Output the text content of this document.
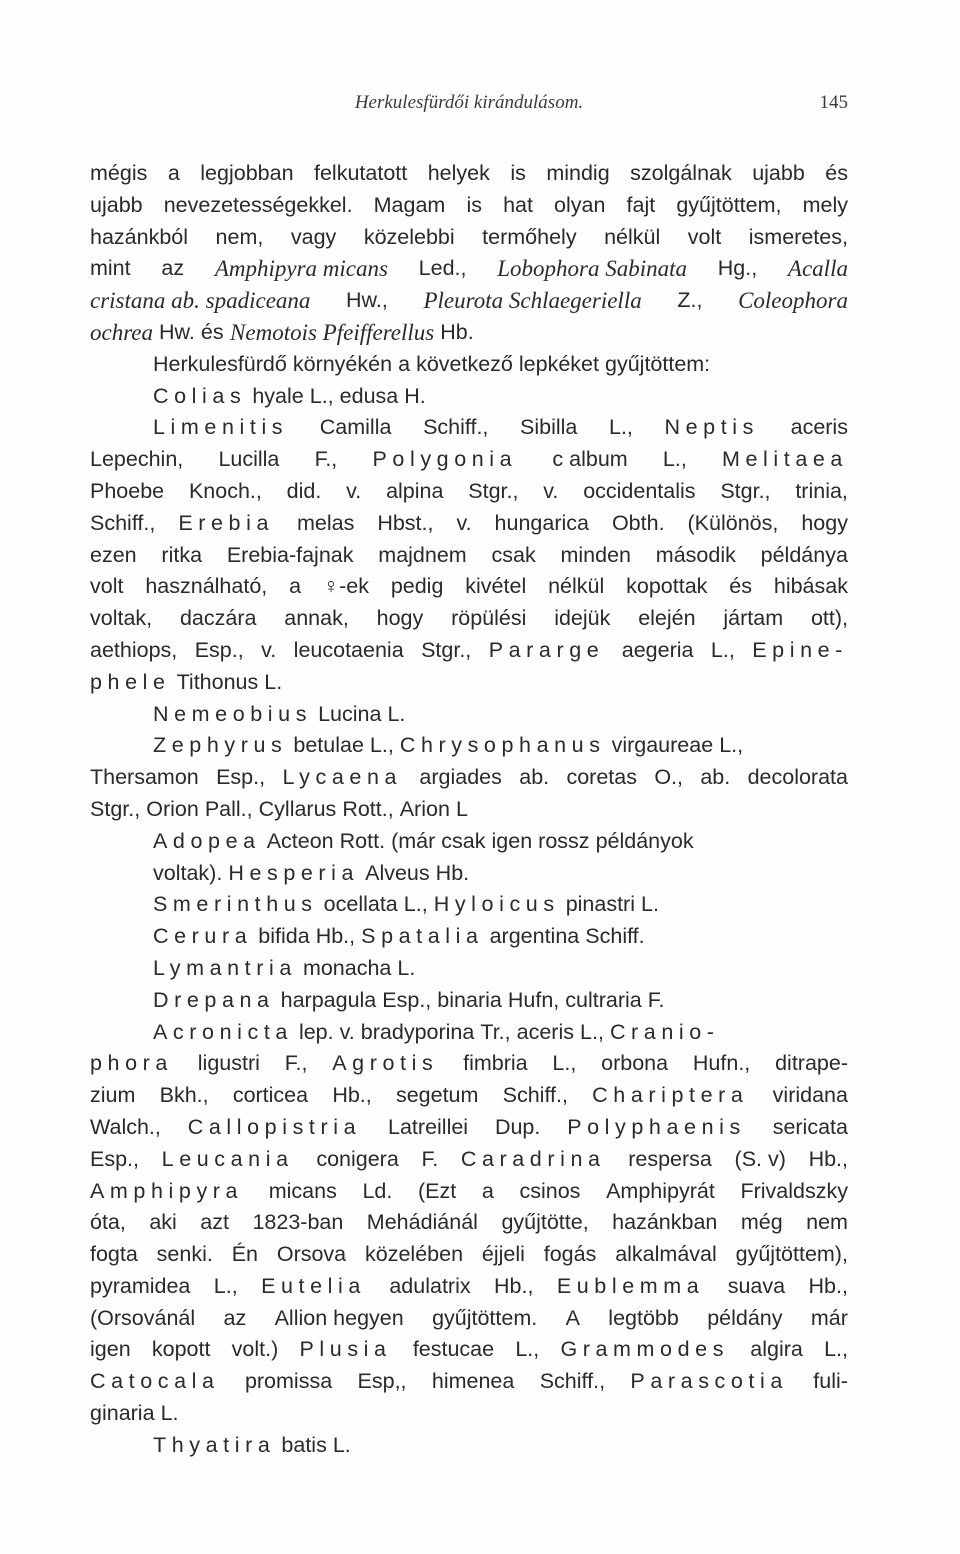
Herkulesfürdői kirándulásom.	145
mégis a legjobban felkutatott helyek is mindig szolgálnak ujabb és
ujabb nevezetességekkel. Magam is hat olyan fajt gyűjtöttem, mely
hazánkból nem, vagy közelebbi termőhely nélkül volt ismeretes,
mint az Amphipyra micans Led., Lobophora Sabinata Hg., Acalla
cristana ab. spadiceana Hw., Pleurota Schlaegeriella Z., Coleophora
ochrea Hw. és Nemotois Pfeifferellus Hb.
Herkulesfürdő környékén a következő lepkéket gyűjtöttem:
Colias hyale L., edusa H.
Limenitis Camilla Schiff., Sibilla L., Neptis aceris
Lepechin, Lucilla F., Polygonia c album L., Melitaea
Phoebe Knoch., did. v. alpina Stgr., v. occidentalis Stgr., trinia,
Schiff., Erebia melas Hbst., v. hungarica Obth. (Különös, hogy
ezen ritka Erebia-fajnak majdnem csak minden második példánya
volt használható, a ♀-ek pedig kivétel nélkül kopottak és hibásak
voltak, daczára annak, hogy röpülési idejük elején jártam ott),
aethiops, Esp., v. leucotaenia Stgr., Pararge aegeria L., Epine-
phele Tithonus L.
Nemeobius Lucina L.
Zephyrus betulae L., Chrysophanus virgaureae L.,
Thersamon Esp., Lycaena argiades ab. coretas O., ab. decolorata
Stgr., Orion Pall., Cyllarus Rott., Arion L
Adopea Acteon Rott. (már csak igen rossz példányok
voltak). Hesperia Alveus Hb.
Smerinthus ocellata L., Hyloicus pinastri L.
Cerura bifida Hb., Spatalia argentina Schiff.
Lymantria monacha L.
Drepana harpagula Esp., binaria Hufn, cultraria F.
Acronicta lep. v. bradyporina Tr., aceris L., Cranio-
phora ligustri F., Agrotis fimbria L., orbona Hufn., ditrape-
zium Bkh., corticea Hb., segetum Schiff., Chariptera viridana
Walch., Callopistria Latreillei Dup. Polyphaenis sericata
Esp., Leucania conigera F. Caradrina respersa (S. v) Hb.,
Amphipyra micans Ld. (Ezt a csinos Amphipyrát Frivaldszky
óta, aki azt 1823-ban Mehádiánál gyűjtötte, hazánkban még nem
fogta senki. Én Orsova közelében éjjeli fogás alkalmával gyűjtöttem),
pyramidea L., Eutelia adulatrix Hb., Eublemma suava Hb.,
(Orsovánál az Allion hegyen gyűjtöttem. A legtöbb példány már
igen kopott volt.) Plusia festucae L., Grammodes algira L.,
Catocala promissa Esp,, himenea Schiff., Parascotia fuli-
ginaria L.
Thyatira batis L.
